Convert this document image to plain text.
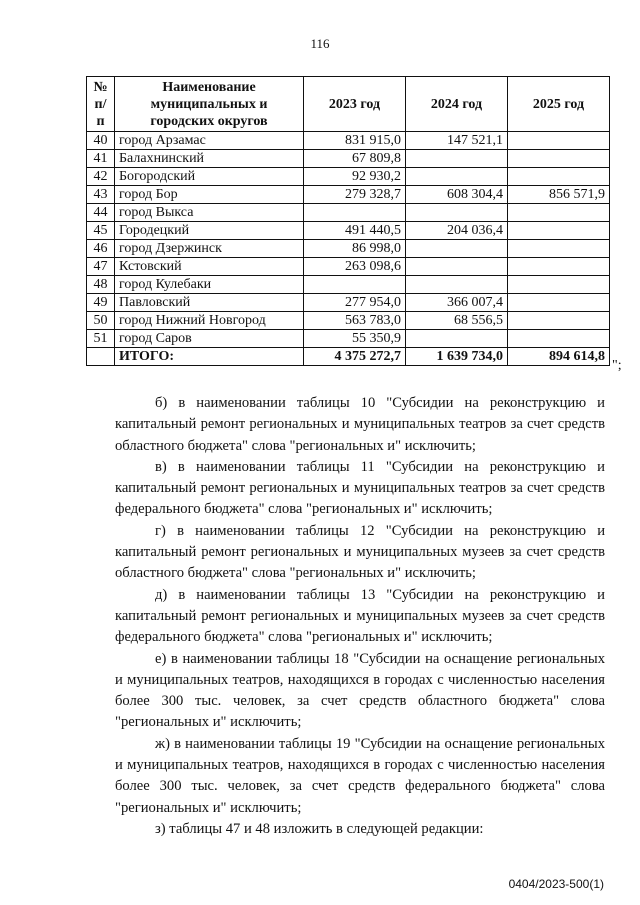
116
№ п/п	Наименование муниципальных и городских округов	2023 год	2024 год	2025 год
40	город Арзамас	831 915,0	147 521,1	
41	Балахнинский	67 809,8		
42	Богородский	92 930,2		
43	город Бор	279 328,7	608 304,4	856 571,9
44	город Выкса			
45	Городецкий	491 440,5	204 036,4	
46	город Дзержинск	86 998,0		
47	Кстовский	263 098,6		
48	город Кулебаки			
49	Павловский	277 954,0	366 007,4	
50	город Нижний Новгород	563 783,0	68 556,5	
51	город Саров	55 350,9		
	ИТОГО:	4 375 272,7	1 639 734,0	894 614,8
";

б) в наименовании таблицы 10 "Субсидии на реконструкцию и капитальный ремонт региональных и муниципальных театров за счет средств областного бюджета" слова "региональных и" исключить;

в) в наименовании таблицы 11 "Субсидии на реконструкцию и капитальный ремонт региональных и муниципальных театров за счет средств федерального бюджета" слова "региональных и" исключить;

г) в наименовании таблицы 12 "Субсидии на реконструкцию и капитальный ремонт региональных и муниципальных музеев за счет средств областного бюджета" слова "региональных и" исключить;

д) в наименовании таблицы 13 "Субсидии на реконструкцию и капитальный ремонт региональных и муниципальных музеев за счет средств федерального бюджета" слова "региональных и" исключить;

е) в наименовании таблицы 18 "Субсидии на оснащение региональных и муниципальных театров, находящихся в городах с численностью населения более 300 тыс. человек, за счет средств областного бюджета" слова "региональных и" исключить;

ж) в наименовании таблицы 19 "Субсидии на оснащение региональных и муниципальных театров, находящихся в городах с численностью населения более 300 тыс. человек, за счет средств федерального бюджета" слова "региональных и" исключить;

з) таблицы 47 и 48 изложить в следующей редакции:

0404/2023-500(1)
